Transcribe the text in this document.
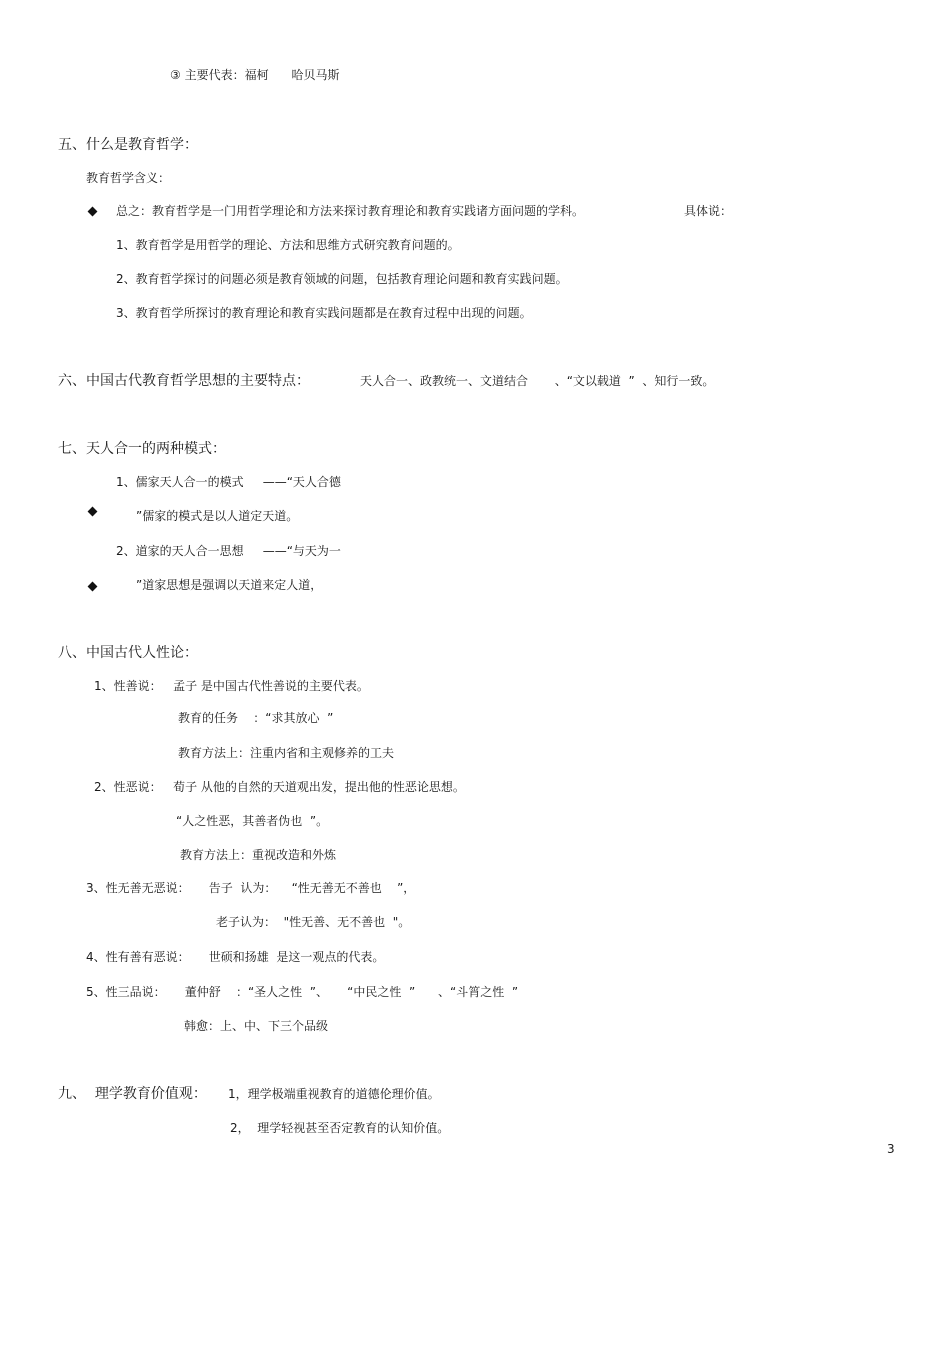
③ 主要代表：福柯      哈贝马斯
五、什么是教育哲学：
教育哲学含义：
总之：教育哲学是一门用哲学理论和方法来探讨教育理论和教育实践诸方面问题的学科。	具体说：
1、教育哲学是用哲学的理论、方法和思维方式研究教育问题的。
2、教育哲学探讨的问题必须是教育领域的问题，包括教育理论问题和教育实践问题。
3、教育哲学所探讨的教育理论和教育实践问题都是在教育过程中出现的问题。
六、中国古代教育哲学思想的主要特点：	天人合一、政教统一、文道结合       、“文以载道  ”  、知行一致。
七、天人合一的两种模式：
1、儒家天人合一的模式     ——“天人合德
”儒家的模式是以人道定天道。
2、道家的天人合一思想     ——“与天为一
”道家思想是强调以天道来定人道，
八、中国古代人性论：
1、性善说：   孟子 是中国古代性善说的主要代表。
教育的任务    ：“求其放心  ”
教育方法上：注重内省和主观修养的工夫
2、性恶说：   荀子 从他的自然的天道观出发，提出他的性恶论思想。
“人之性恶，其善者伪也  ”。
教育方法上：重视改造和外炼
3、性无善无恶说：     告子  认为：    “性无善无不善也    ”，
老子认为：  "性无善、无不善也  "。
4、性有善有恶说：     世硕和扬雄  是这一观点的代表。
5、性三品说：     董仲舒    ：“圣人之性  ”、     “中民之性  ”      、“斗筲之性  ”
韩愈：上、中、下三个品级
九、  理学教育价值观： 1，理学极端重视教育的道德伦理价值。
2，  理学轻视甚至否定教育的认知价值。
3
